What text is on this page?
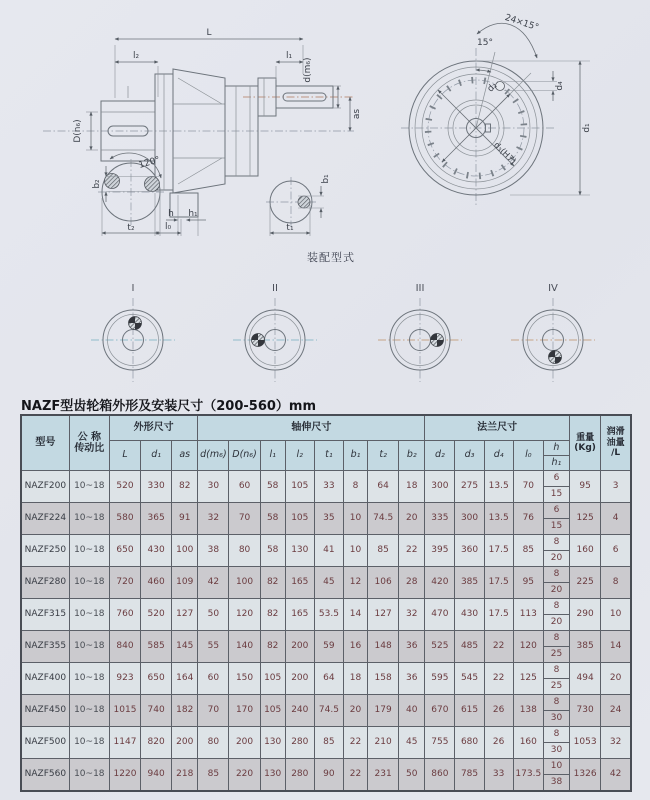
L
l₂	l₁
d(m₆)
as
D(n₆)
h h₁
l₀
120°
b₂
t₂
b₁
t₁
15°
24×15°
d₄
d₂
d₃(H7)
d₁
装配型式
I	II	III	IV
NAZF型齿轮箱外形及安装尺寸（200-560）mm
型号	
公 称
传动比
	外形尺寸	轴伸尺寸	法兰尺寸	
重量
(Kg)

润滑
油量
/L

		L	d₁	as	d(m₆)	D(n₆)	l₁	l₂	t₁	b₁	t₂	b₂	d₂	d₃	d₄	l₀	h		
																	h₁		
NAZF200	10~18	520	330	82	30	60	58	105	33	8	64	18	300	275	13.5	70	6	95	3
																	15		
NAZF224	10~18	580	365	91	32	70	58	105	35	10	74.5	20	335	300	13.5	76	6	125	4
																	15		
NAZF250	10~18	650	430	100	38	80	58	130	41	10	85	22	395	360	17.5	85	8	160	6
																	20		
NAZF280	10~18	720	460	109	42	100	82	165	45	12	106	28	420	385	17.5	95	8	225	8
																	20		
NAZF315	10~18	760	520	127	50	120	82	165	53.5	14	127	32	470	430	17.5	113	8	290	10
																	20		
NAZF355	10~18	840	585	145	55	140	82	200	59	16	148	36	525	485	22	120	8	385	14
																	25		
NAZF400	10~18	923	650	164	60	150	105	200	64	18	158	36	595	545	22	125	8	494	20
																	25		
NAZF450	10~18	1015	740	182	70	170	105	240	74.5	20	179	40	670	615	26	138	8	730	24
																	30		
NAZF500	10~18	1147	820	200	80	200	130	280	85	22	210	45	755	680	26	160	8	1053	32
																	30		
NAZF560	10~18	1220	940	218	85	220	130	280	90	22	231	50	860	785	33	173.5	10	1326	42
																	38		
